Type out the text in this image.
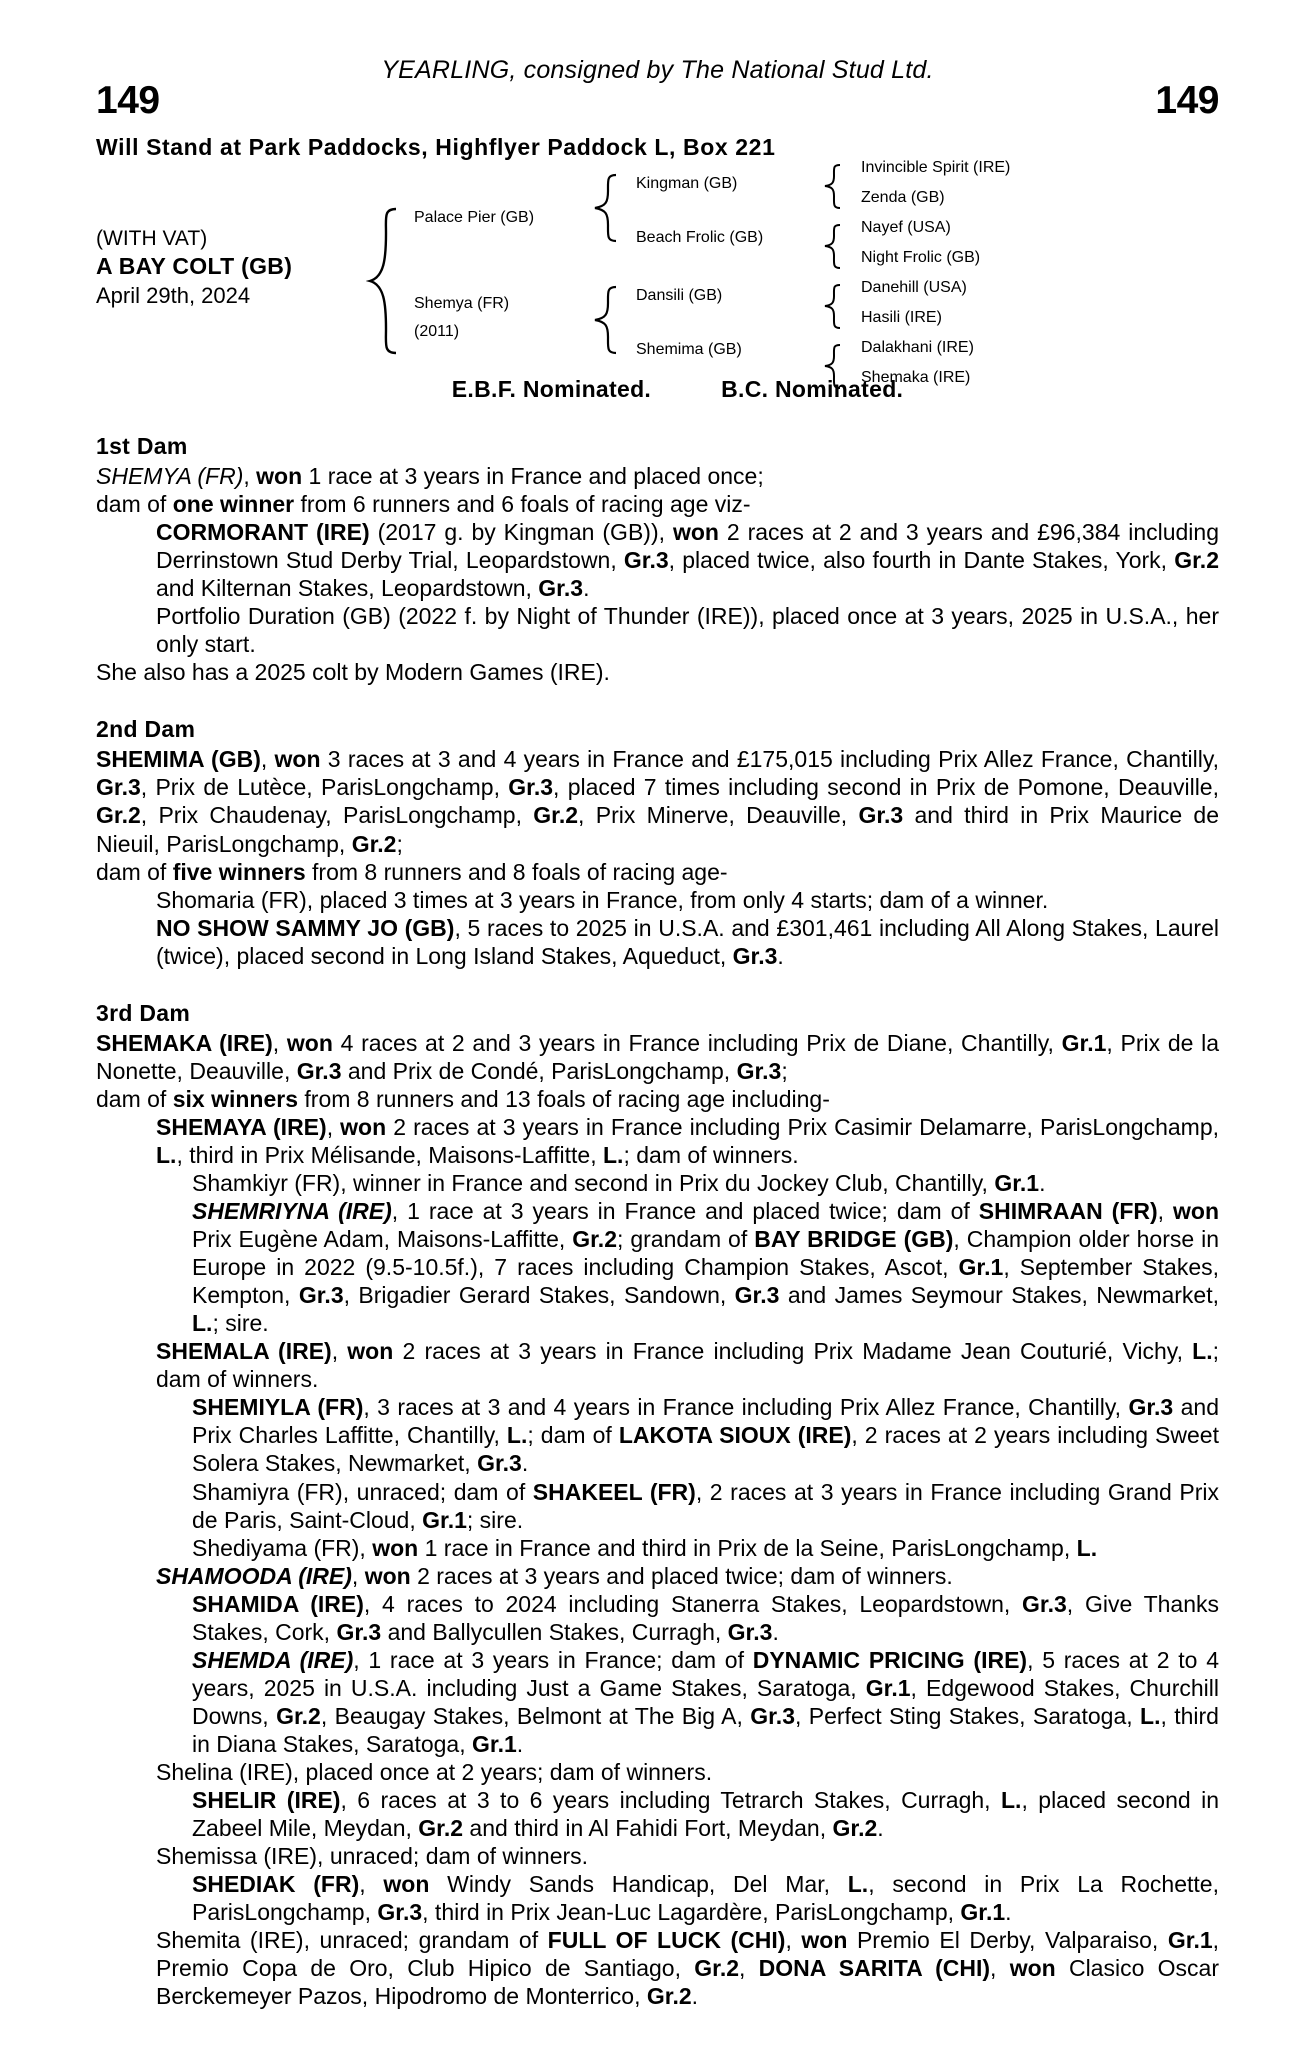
YEARLING, consigned by The National Stud Ltd.
149	149
Will Stand at Park Paddocks, Highflyer Paddock L, Box 221
(WITH VAT)
A BAY COLT (GB)
April 29th, 2024
Palace Pier (GB)
Shemya (FR)
(2011)
Kingman (GB)
Beach Frolic (GB)
Dansili (GB)
Shemima (GB)
Invincible Spirit (IRE)
Zenda (GB)
Nayef (USA)
Night Frolic (GB)
Danehill (USA)
Hasili (IRE)
Dalakhani (IRE)
Shemaka (IRE)
E.B.F. Nominated.	B.C. Nominated.
1st Dam

SHEMYA (FR), won 1 race at 3 years in France and placed once;

dam of one winner from 6 runners and 6 foals of racing age viz-

CORMORANT (IRE) (2017 g. by Kingman (GB)), won 2 races at 2 and 3 years and £96,384 including Derrinstown Stud Derby Trial, Leopardstown, Gr.3, placed twice, also fourth in Dante Stakes, York, Gr.2 and Kilternan Stakes, Leopardstown, Gr.3.

Portfolio Duration (GB) (2022 f. by Night of Thunder (IRE)), placed once at 3 years, 2025 in U.S.A., her only start.

She also has a 2025 colt by Modern Games (IRE).

2nd Dam

SHEMIMA (GB), won 3 races at 3 and 4 years in France and £175,015 including Prix Allez France, Chantilly, Gr.3, Prix de Lutèce, ParisLongchamp, Gr.3, placed 7 times including second in Prix de Pomone, Deauville, Gr.2, Prix Chaudenay, ParisLongchamp, Gr.2, Prix Minerve, Deauville, Gr.3 and third in Prix Maurice de Nieuil, ParisLongchamp, Gr.2;

dam of five winners from 8 runners and 8 foals of racing age-

Shomaria (FR), placed 3 times at 3 years in France, from only 4 starts; dam of a winner.

NO SHOW SAMMY JO (GB), 5 races to 2025 in U.S.A. and £301,461 including All Along Stakes, Laurel (twice), placed second in Long Island Stakes, Aqueduct, Gr.3.

3rd Dam

SHEMAKA (IRE), won 4 races at 2 and 3 years in France including Prix de Diane, Chantilly, Gr.1, Prix de la Nonette, Deauville, Gr.3 and Prix de Condé, ParisLongchamp, Gr.3;

dam of six winners from 8 runners and 13 foals of racing age including-

SHEMAYA (IRE), won 2 races at 3 years in France including Prix Casimir Delamarre, ParisLongchamp, L., third in Prix Mélisande, Maisons-Laffitte, L.; dam of winners.

Shamkiyr (FR), winner in France and second in Prix du Jockey Club, Chantilly, Gr.1.

SHEMRIYNA (IRE), 1 race at 3 years in France and placed twice; dam of SHIMRAAN (FR), won Prix Eugène Adam, Maisons-Laffitte, Gr.2; grandam of BAY BRIDGE (GB), Champion older horse in Europe in 2022 (9.5-10.5f.), 7 races including Champion Stakes, Ascot, Gr.1, September Stakes, Kempton, Gr.3, Brigadier Gerard Stakes, Sandown, Gr.3 and James Seymour Stakes, Newmarket, L.; sire.

SHEMALA (IRE), won 2 races at 3 years in France including Prix Madame Jean Couturié, Vichy, L.; dam of winners.

SHEMIYLA (FR), 3 races at 3 and 4 years in France including Prix Allez France, Chantilly, Gr.3 and Prix Charles Laffitte, Chantilly, L.; dam of LAKOTA SIOUX (IRE), 2 races at 2 years including Sweet Solera Stakes, Newmarket, Gr.3.

Shamiyra (FR), unraced; dam of SHAKEEL (FR), 2 races at 3 years in France including Grand Prix de Paris, Saint-Cloud, Gr.1; sire.

Shediyama (FR), won 1 race in France and third in Prix de la Seine, ParisLongchamp, L.

SHAMOODA (IRE), won 2 races at 3 years and placed twice; dam of winners.

SHAMIDA (IRE), 4 races to 2024 including Stanerra Stakes, Leopardstown, Gr.3, Give Thanks Stakes, Cork, Gr.3 and Ballycullen Stakes, Curragh, Gr.3.

SHEMDA (IRE), 1 race at 3 years in France; dam of DYNAMIC PRICING (IRE), 5 races at 2 to 4 years, 2025 in U.S.A. including Just a Game Stakes, Saratoga, Gr.1, Edgewood Stakes, Churchill Downs, Gr.2, Beaugay Stakes, Belmont at The Big A, Gr.3, Perfect Sting Stakes, Saratoga, L., third in Diana Stakes, Saratoga, Gr.1.

Shelina (IRE), placed once at 2 years; dam of winners.

SHELIR (IRE), 6 races at 3 to 6 years including Tetrarch Stakes, Curragh, L., placed second in Zabeel Mile, Meydan, Gr.2 and third in Al Fahidi Fort, Meydan, Gr.2.

Shemissa (IRE), unraced; dam of winners.

SHEDIAK (FR), won Windy Sands Handicap, Del Mar, L., second in Prix La Rochette, ParisLongchamp, Gr.3, third in Prix Jean-Luc Lagardère, ParisLongchamp, Gr.1.

Shemita (IRE), unraced; grandam of FULL OF LUCK (CHI), won Premio El Derby, Valparaiso, Gr.1, Premio Copa de Oro, Club Hipico de Santiago, Gr.2, DONA SARITA (CHI), won Clasico Oscar Berckemeyer Pazos, Hipodromo de Monterrico, Gr.2.
